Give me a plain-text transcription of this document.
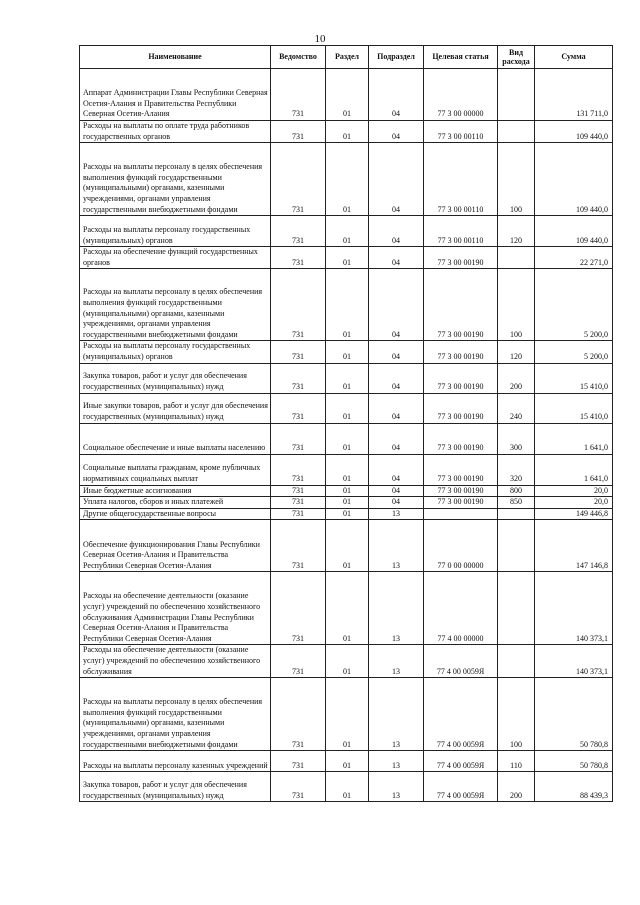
10
Наименование	Ведомство	Раздел	Подраздел	Целевая статья	Вид расхода	Сумма
Аппарат Администрации Главы Республики Северная Осетия-Алания и Правительства Республики Северная Осетия-Алания	731	01	04	77 3 00 00000		131 711,0
Расходы на выплаты по оплате труда работников государственных органов	731	01	04	77 3 00 00110		109 440,0
Расходы на выплаты персоналу в целях обеспечения выполнения функций государственными (муниципальными) органами, казенными учреждениями, органами управления государственными внебюджетными фондами	731	01	04	77 3 00 00110	100	109 440,0
Расходы на выплаты персоналу государственных (муниципальных) органов	731	01	04	77 3 00 00110	120	109 440,0
Расходы на обеспечение функций государственных органов	731	01	04	77 3 00 00190		22 271,0
Расходы на выплаты персоналу в целях обеспечения выполнения функций государственными (муниципальными) органами, казенными учреждениями, органами управления государственными внебюджетными фондами	731	01	04	77 3 00 00190	100	5 200,0
Расходы на выплаты персоналу государственных (муниципальных) органов	731	01	04	77 3 00 00190	120	5 200,0
Закупка товаров, работ и услуг для обеспечения государственных (муниципальных) нужд	731	01	04	77 3 00 00190	200	15 410,0
Иные закупки товаров, работ и услуг для обеспечения государственных (муниципальных) нужд	731	01	04	77 3 00 00190	240	15 410,0
Социальное обеспечение и иные выплаты населению	731	01	04	77 3 00 00190	300	1 641,0
Социальные выплаты гражданам, кроме публичных нормативных социальных выплат	731	01	04	77 3 00 00190	320	1 641,0
Иные бюджетные ассигнования	731	01	04	77 3 00 00190	800	20,0
Уплата налогов, сборов и иных платежей	731	01	04	77 3 00 00190	850	20,0
Другие общегосударственные вопросы	731	01	13			149 446,8
Обеспечение функционирования Главы Республики Северная Осетия-Алания и Правительства Республики Северная Осетия-Алания	731	01	13	77 0 00 00000		147 146,8
Расходы на обеспечение деятельности (оказание услуг) учреждений по обеспечению хозяйственного обслуживания Администрации Главы Республики Северная Осетия-Алания и Правительства Республики Северная Осетия-Алания	731	01	13	77 4 00 00000		140 373,1
Расходы на обеспечение деятельности (оказание услуг) учреждений по обеспечению хозяйственного обслуживания	731	01	13	77 4 00 0059Я		140 373,1
Расходы на выплаты персоналу в целях обеспечения выполнения функций государственными (муниципальными) органами, казенными учреждениями, органами управления государственными внебюджетными фондами	731	01	13	77 4 00 0059Я	100	50 780,8
Расходы на выплаты персоналу казенных учреждений	731	01	13	77 4 00 0059Я	110	50 780,8
Закупка товаров, работ и услуг для обеспечения государственных (муниципальных) нужд	731	01	13	77 4 00 0059Я	200	88 439,3
